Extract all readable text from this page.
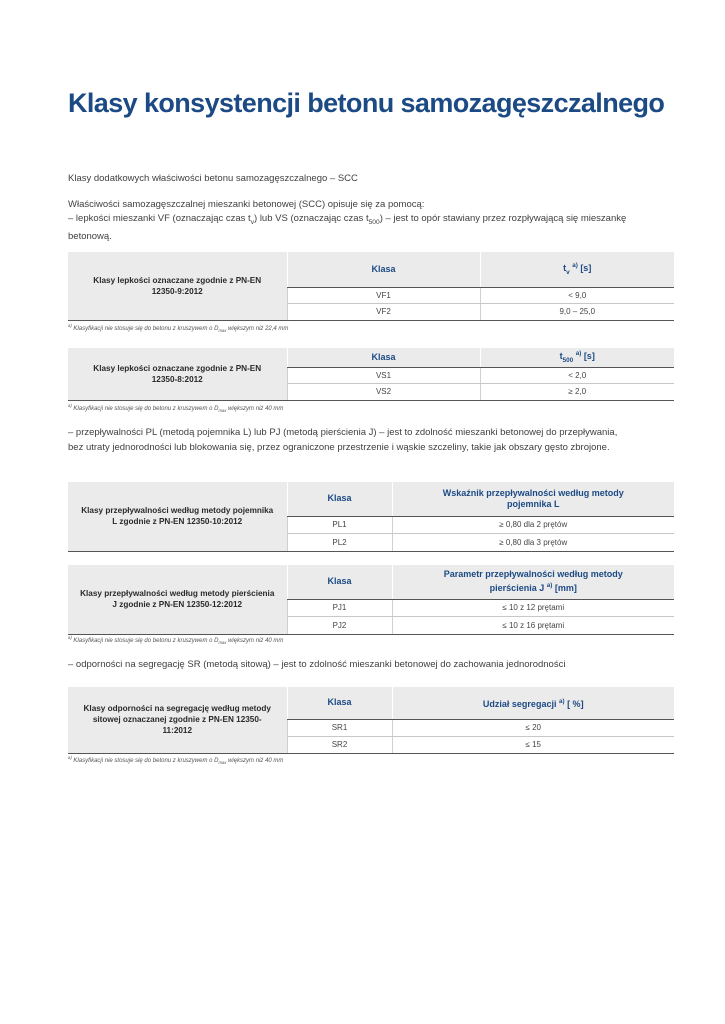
Klasy konsystencji betonu samozagęszczalnego

Klasy dodatkowych właściwości betonu samozagęszczalnego – SCC

Właściwości samozagęszczalnej mieszanki betonowej (SCC) opisuje się za pomocą:

– lepkości mieszanki VF (oznaczając czas $t_v$) lub VS (oznaczając czas $t_{500}$) – jest to opór stawiany przez rozpływającą się mieszankę

betonową.

Klasy lepkości oznaczane zgodnie z PN-EN 12350-9:2012	Klasa	$t_v$ $^{a)}$ [s]
	VF1	< 9,0
	VF2	9,0 – 25,0
$^{a)}$ Klasyfikacji nie stosuje się do betonu z kruszywem o $D_{max}$ większym niż 22,4 mm
Klasy lepkości oznaczane zgodnie z PN-EN 12350-8:2012	Klasa	$t_{500}$ $^{a)}$ [s]
	VS1	< 2,0
	VS2	≥ 2,0
$^{a)}$ Klasyfikacji nie stosuje się do betonu z kruszywem o $D_{max}$ większym niż 40 mm

– przepływalności PL (metodą pojemnika L) lub PJ (metodą pierścienia J) – jest to zdolność mieszanki betonowej do przepływania,

bez utraty jednorodności lub blokowania się, przez ograniczone przestrzenie i wąskie szczeliny, takie jak obszary gęsto zbrojone.

Klasy przepływalności według metody pojemnika L zgodnie z PN-EN 12350-10:2012	Klasa	Wskaźnik przepływalności według metody pojemnika L
	PL1	≥ 0,80 dla 2 prętów
	PL2	≥ 0,80 dla 3 prętów
Klasy przepływalności według metody pierścienia J zgodnie z PN-EN 12350-12:2012	Klasa	Parametr przepływalności według metody pierścienia J $^{a)}$ [mm]
	PJ1	≤ 10 z 12 prętami
	PJ2	≤ 10 z 16 prętami
$^{a)}$ Klasyfikacji nie stosuje się do betonu z kruszywem o $D_{max}$ większym niż 40 mm

– odporności na segregację SR (metodą sitową) – jest to zdolność mieszanki betonowej do zachowania jednorodności

Klasy odporności na segregację według metody sitowej oznaczanej zgodnie z PN-EN 12350-11:2012	Klasa	Udział segregacji $^{a)}$ [ %]
	SR1	≤ 20
	SR2	≤ 15
$^{a)}$ Klasyfikacji nie stosuje się do betonu z kruszywem o $D_{max}$ większym niż 40 mm
